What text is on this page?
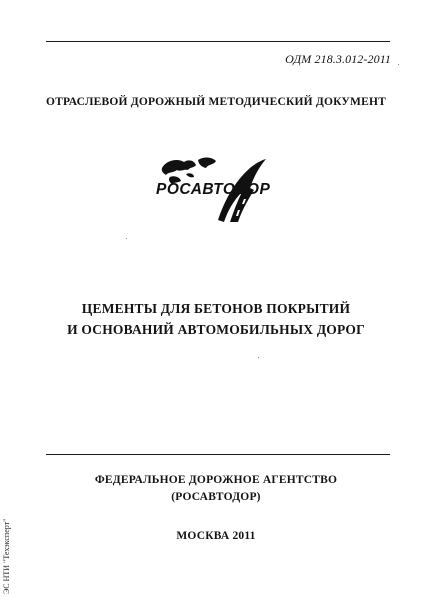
ОДМ 218.3.012-2011
ОТРАСЛЕВОЙ ДОРОЖНЫЙ МЕТОДИЧЕСКИЙ ДОКУМЕНТ
РОСАВТОДОР
ЦЕМЕНТЫ ДЛЯ БЕТОНОВ ПОКРЫТИЙ
И ОСНОВАНИЙ АВТОМОБИЛЬНЫХ ДОРОГ
ФЕДЕРАЛЬНОЕ ДОРОЖНОЕ АГЕНТСТВО
(РОСАВТОДОР)
МОСКВА 2011
ЭС НТИ "Техэксперт"
